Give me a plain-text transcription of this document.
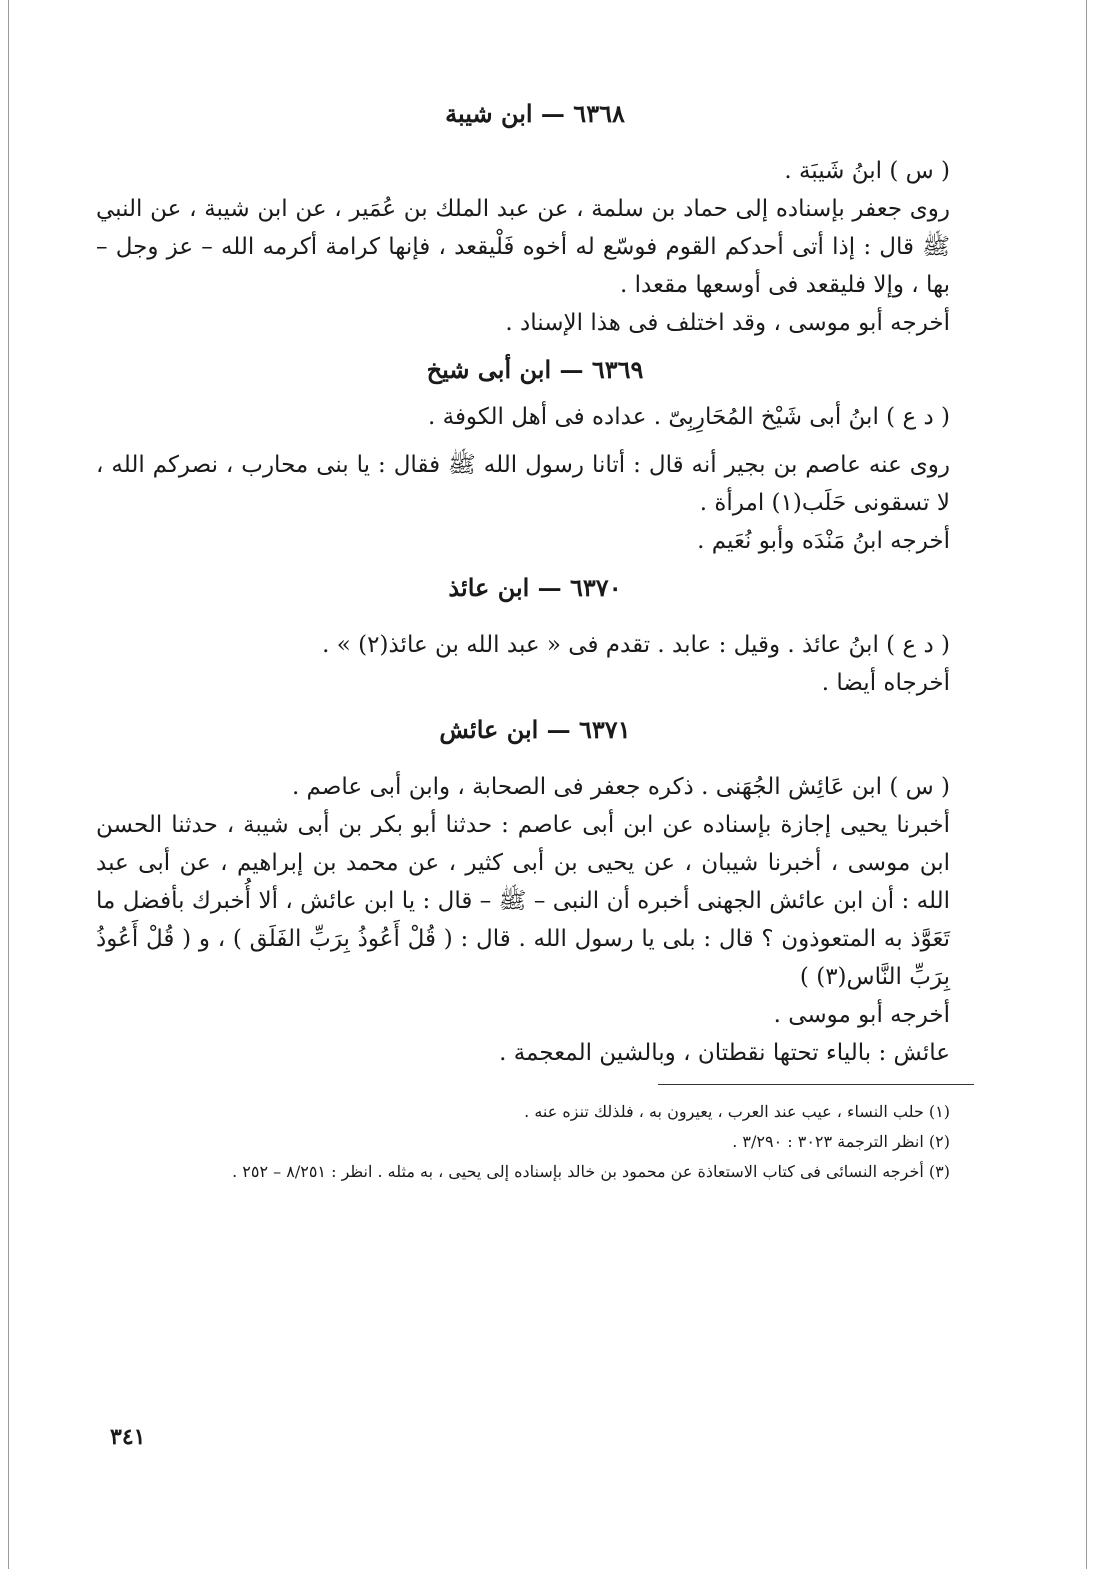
٦٣٦٨ — ابن شيبة

( س ) ابنُ شَيبَة .

روى جعفر بإسناده إلى حماد بن سلمة ، عن عبد الملك بن عُمَير ، عن ابن شيبة ، عن النبي ﷺ قال : إذا أتى أحدكم القوم فوسّع له أخوه فَلْيقعد ، فإنها كرامة أكرمه الله – عز وجل – بها ، وإلا فليقعد فى أوسعها مقعدا .

أخرجه أبو موسى ، وقد اختلف فى هذا الإسناد .

٦٣٦٩ — ابن أبى شيخ

( د ع ) ابنُ أبى شَيْخ المُحَارِبِىّ . عداده فى أهل الكوفة .

روى عنه عاصم بن بجير أنه قال : أتانا رسول الله ﷺ فقال : يا بنى محارب ، نصركم الله ، لا تسقونى حَلَب(١) امرأة .

أخرجه ابنُ مَنْدَه وأبو نُعَيم .

٦٣٧٠ — ابن عائذ

( د ع ) ابنُ عائذ . وقيل : عابد . تقدم فى « عبد الله بن عائذ(٢) » .

أخرجاه أيضا .

٦٣٧١ — ابن عائش

( س ) ابن عَائِش الجُهَنى . ذكره جعفر فى الصحابة ، وابن أبى عاصم .

أخبرنا يحيى إجازة بإسناده عن ابن أبى عاصم : حدثنا أبو بكر بن أبى شيبة ، حدثنا الحسن ابن موسى ، أخبرنا شيبان ، عن يحيى بن أبى كثير ، عن محمد بن إبراهيم ، عن أبى عبد الله : أن ابن عائش الجهنى أخبره أن النبى – ﷺ – قال : يا ابن عائش ، ألا أُخبرك بأفضل ما تَعَوَّذ به المتعوذون ؟ قال : بلى يا رسول الله . قال : ( قُلْ أَعُوذُ بِرَبِّ الفَلَق ) ، و ( قُلْ أَعُوذُ بِرَبِّ النَّاس(٣) )

أخرجه أبو موسى .

عائش : بالياء تحتها نقطتان ، وبالشين المعجمة .

(١) حلب النساء ، عيب عند العرب ، يعيرون به ، فلذلك تنزه عنه .

(٢) انظر الترجمة ٣٠٢٣ : ٣/٢٩٠ .

(٣) أخرجه النسائى فى كتاب الاستعاذة عن محمود بن خالد بإسناده إلى يحيى ، به مثله . انظر : ٨/٢٥١ – ٢٥٢ .

٣٤١
